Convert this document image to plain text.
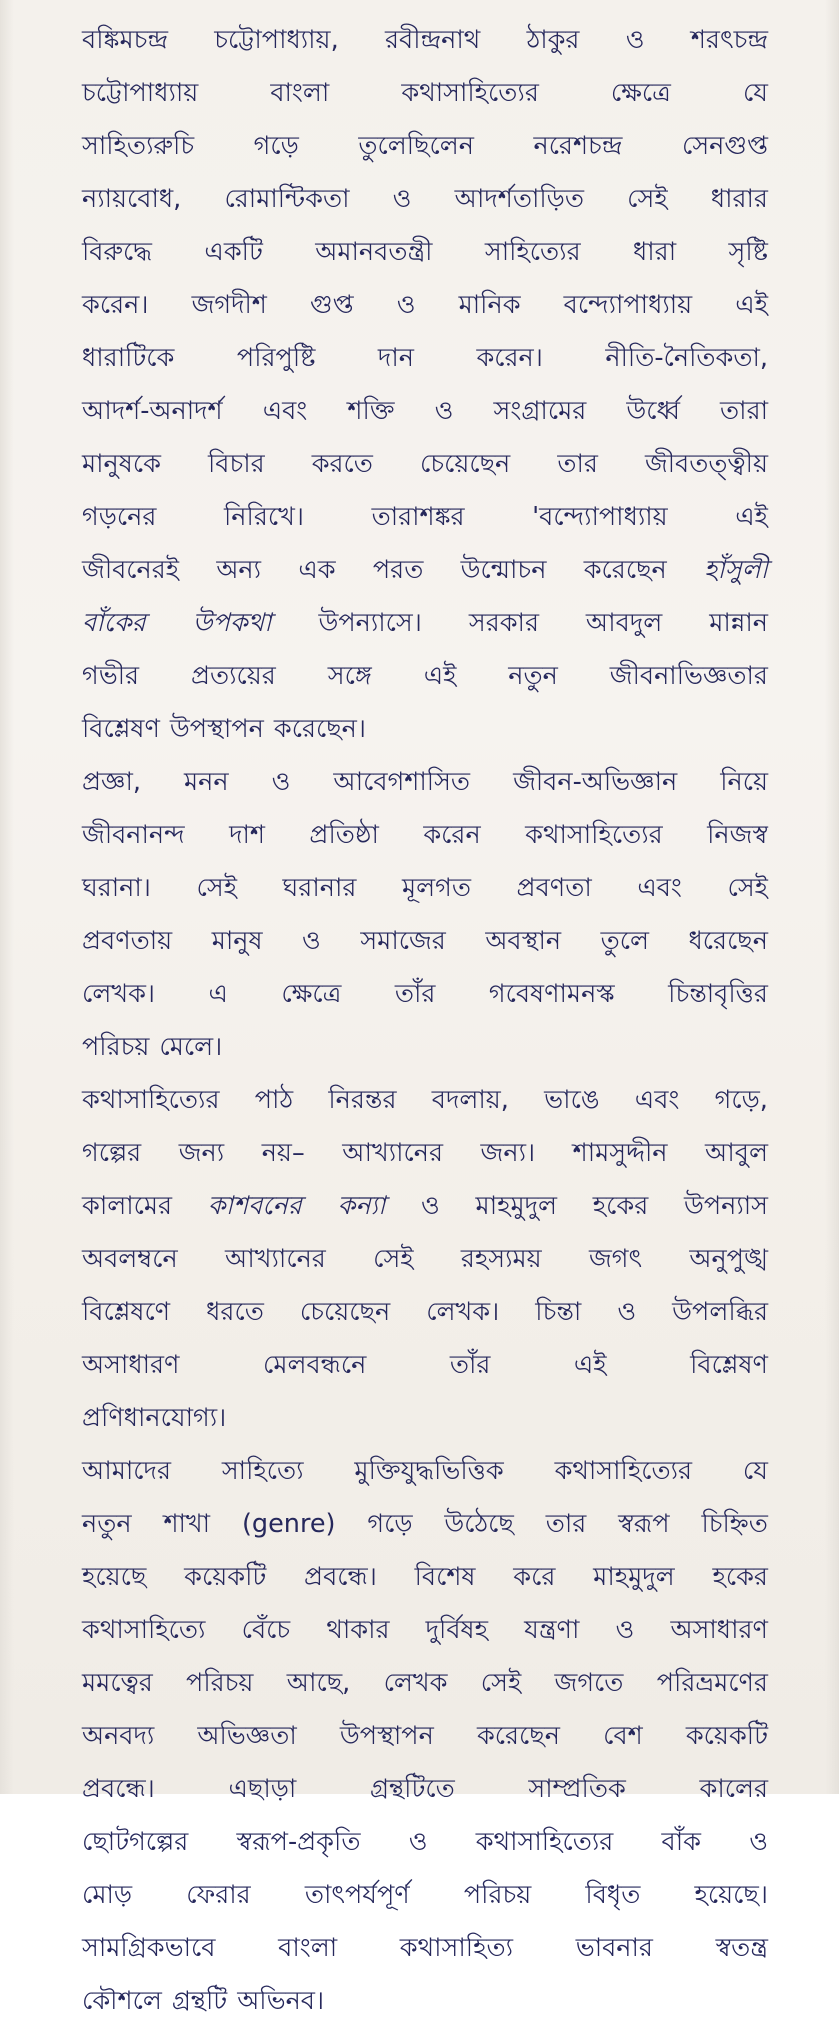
বঙ্কিমচন্দ্র চট্টোপাধ্যায়, রবীন্দ্রনাথ ঠাকুর ও শরৎচন্দ্র
চট্টোপাধ্যায়	বাংলা	কথাসাহিত্যের	ক্ষেত্রে	যে
সাহিত্যরুচি গড়ে তুলেছিলেন নরেশচন্দ্র সেনগুপ্ত
ন্যায়বোধ, রোমান্টিকতা ও আদর্শতাড়িত সেই ধারার
বিরুদ্ধে একটি অমানবতন্ত্রী সাহিত্যের ধারা সৃষ্টি
করেন। জগদীশ গুপ্ত ও মানিক বন্দ্যোপাধ্যায় এই
ধারাটিকে পরিপুষ্টি দান করেন। নীতি-নৈতিকতা,
আদর্শ-অনাদর্শ এবং শক্তি ও সংগ্রামের উর্ধ্বে তারা
মানুষকে বিচার করতে চেয়েছেন তার জীবতত্ত্বীয়
গড়নের	নিরিখে।	তারাশঙ্কর	'বন্দ্যোপাধ্যায়	এই
জীবনেরই অন্য এক পরত উন্মোচন করেছেন হাঁসুলী
বাঁকের উপকথা উপন্যাসে। সরকার আবদুল মান্নান
গভীর প্রত্যয়ের সঙ্গে এই নতুন জীবনাভিজ্ঞতার
বিশ্লেষণ উপস্থাপন করেছেন।
প্রজ্ঞা, মনন ও আবেগশাসিত জীবন-অভিজ্ঞান নিয়ে
জীবনানন্দ দাশ প্রতিষ্ঠা করেন কথাসাহিত্যের নিজস্ব
ঘরানা। সেই ঘরানার মূলগত প্রবণতা এবং সেই
প্রবণতায় মানুষ ও সমাজের অবস্থান তুলে ধরেছেন
লেখক। এ ক্ষেত্রে তাঁর গবেষণামনস্ক চিন্তাবৃত্তির
পরিচয় মেলে।
কথাসাহিত্যের পাঠ নিরন্তর বদলায়, ভাঙে এবং গড়ে,
গল্পের জন্য নয়– আখ্যানের জন্য। শামসুদ্দীন আবুল
কালামের কাশবনের কন্যা ও মাহমুদুল হকের উপন্যাস
অবলম্বনে আখ্যানের সেই রহস্যময় জগৎ অনুপুঙ্খ
বিশ্লেষণে ধরতে চেয়েছেন লেখক। চিন্তা ও উপলব্ধির
অসাধারণ	মেলবন্ধনে	তাঁর	এই	বিশ্লেষণ
প্রণিধানযোগ্য।
আমাদের সাহিত্যে মুক্তিযুদ্ধভিত্তিক কথাসাহিত্যের যে
নতুন শাখা (genre) গড়ে উঠেছে তার স্বরূপ চিহ্নিত
হয়েছে কয়েকটি প্রবন্ধে। বিশেষ করে মাহমুদুল হকের
কথাসাহিত্যে বেঁচে থাকার দুর্বিষহ যন্ত্রণা ও অসাধারণ
মমত্বের পরিচয় আছে, লেখক সেই জগতে পরিভ্রমণের
অনবদ্য অভিজ্ঞতা উপস্থাপন করেছেন বেশ কয়েকটি
প্রবন্ধে।	এছাড়া	গ্রন্থটিতে	সাম্প্রতিক	কালের
ছোটগল্পের স্বরূপ-প্রকৃতি ও কথাসাহিত্যের বাঁক ও
মোড় ফেরার তাৎপর্যপূর্ণ পরিচয় বিধৃত হয়েছে।
সামগ্রিকভাবে বাংলা কথাসাহিত্য ভাবনার স্বতন্ত্র
কৌশলে গ্রন্থটি অভিনব।
